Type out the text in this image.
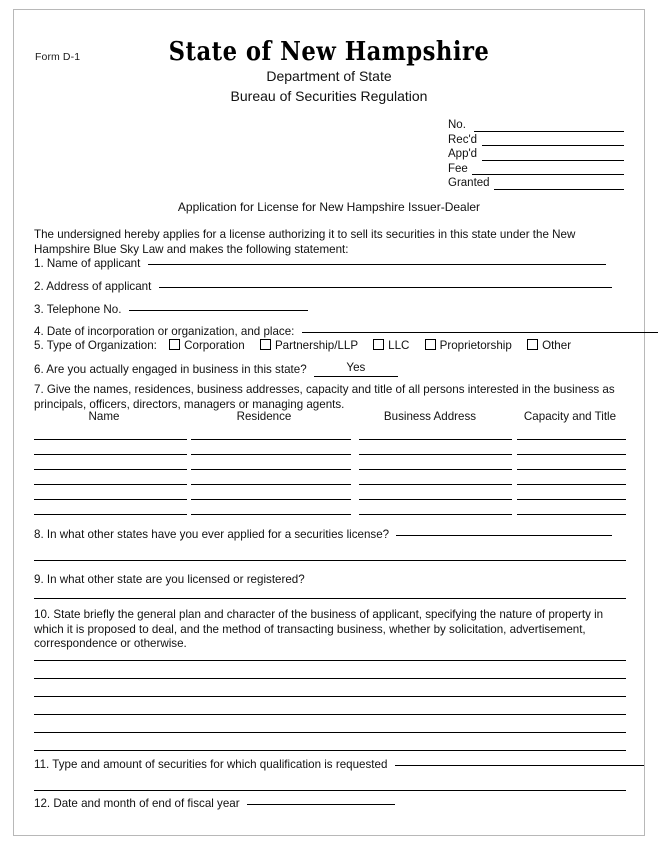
Form D-1	State of New Hampshire
Department of State
Bureau of Securities Regulation
No.
Rec'd
App'd
Fee
Granted
Application for License for New Hampshire Issuer-Dealer
The undersigned hereby applies for a license authorizing it to sell its securities in this state under the New Hampshire Blue Sky Law and makes the following statement:
1. Name of applicant
2. Address of applicant
3. Telephone No.
4. Date of incorporation or organization, and place:
5. Type of Organization: Corporation	Partnership/LLP	LLC	Proprietorship	Other
6. Are you actually engaged in business in this state?	Yes
7. Give the names, residences, business addresses, capacity and title of all persons interested in the business as principals, officers, directors, managers or managing agents.
Name	Residence	Business Address	Capacity and Title
8. In what other states have you ever applied for a securities license?
9. In what other state are you licensed or registered?
10. State briefly the general plan and character of the business of applicant, specifying the nature of property in which it is proposed to deal, and the method of transacting business, whether by solicitation, advertisement, correspondence or otherwise.
11. Type and amount of securities for which qualification is requested
12. Date and month of end of fiscal year
